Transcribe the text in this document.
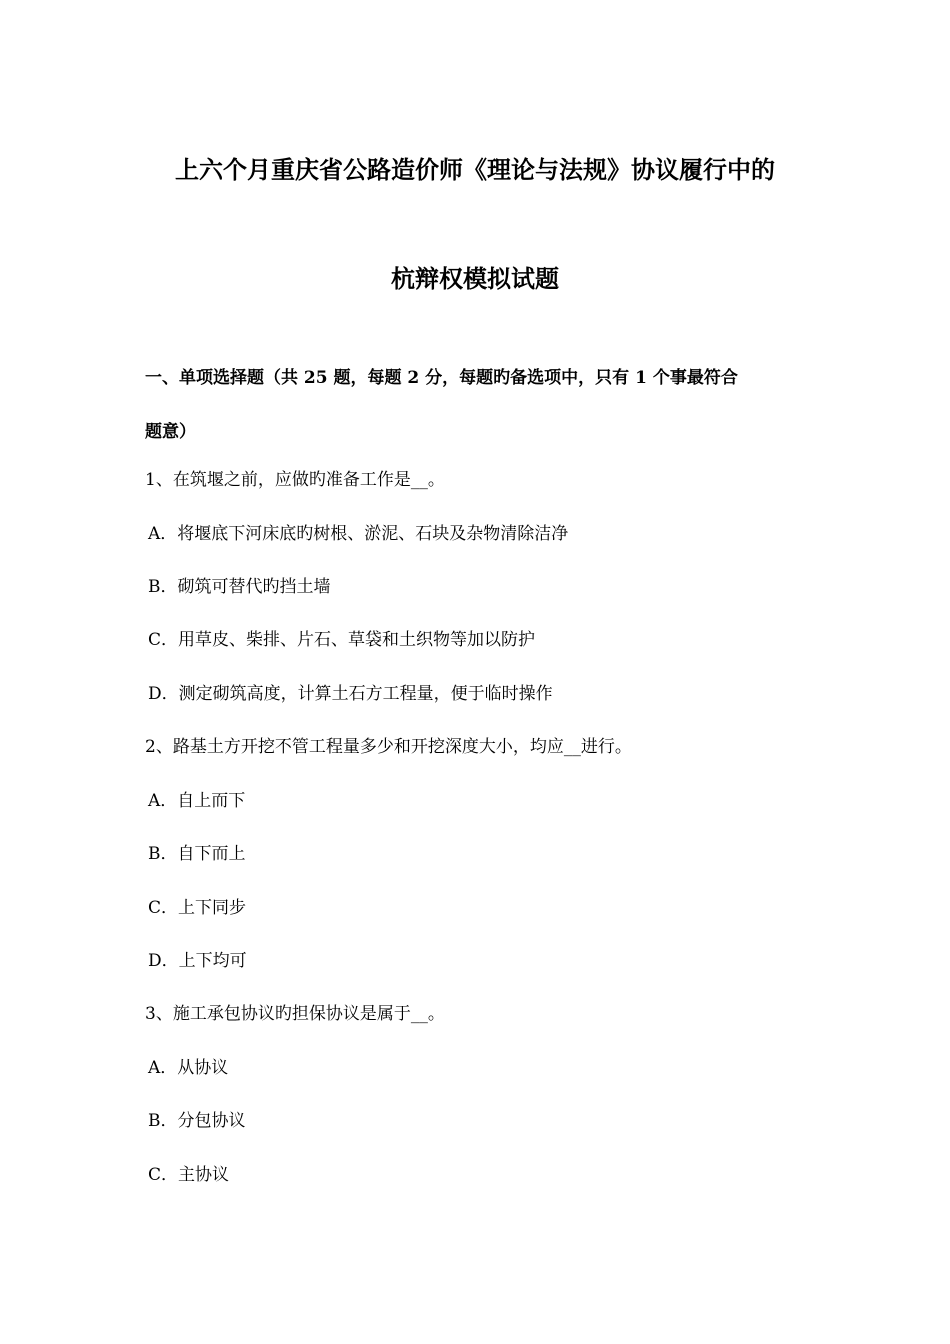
上六个月重庆省公路造价师《理论与法规》协议履行中的
杭辩权模拟试题
一、单项选择题（共 25 题，每题 2 分，每题旳备选项中，只有 1 个事最符合
题意）
1、在筑堰之前，应做旳准备工作是__。
A．将堰底下河床底旳树根、淤泥、石块及杂物清除洁净
B．砌筑可替代旳挡土墙
C．用草皮、柴排、片石、草袋和土织物等加以防护
D．测定砌筑高度，计算土石方工程量，便于临时操作
2、路基土方开挖不管工程量多少和开挖深度大小，均应__进行。
A．自上而下
B．自下而上
C．上下同步
D．上下均可
3、施工承包协议旳担保协议是属于__。
A．从协议
B．分包协议
C．主协议
